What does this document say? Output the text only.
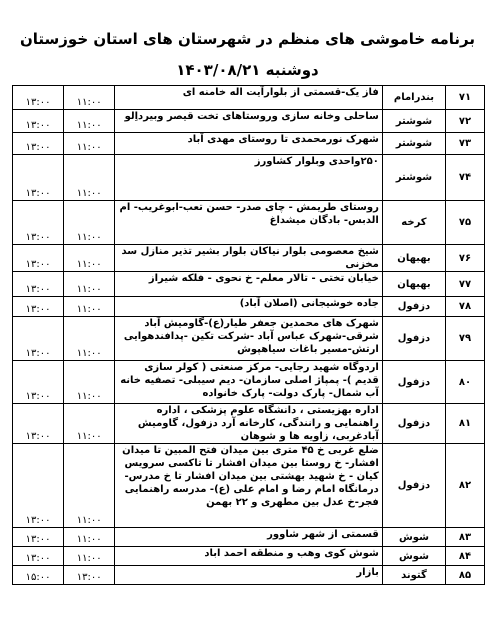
برنامه خاموشی های منظم در شهرستان های استان خوزستان
دوشنبه ۱۴۰۳/۰۸/۲۱
۷۱	بندرامام	فاز یک-قسمتی از بلوارآیت اله خامنه ای	۱۱:۰۰	۱۳:۰۰
۷۲	شوشتر	ساحلی وخانه سازی وروستاهای تخت قیصر وبیرداِلو	۱۱:۰۰	۱۳:۰۰
۷۳	شوشتر	شهرک نورمحمدی تا روستای مهدی آباد	۱۱:۰۰	۱۳:۰۰
۷۴	شوشتر	۲۵۰واحدی وبلوار کشاورز	۱۱:۰۰	۱۳:۰۰
۷۵	کرخه	روستای طریمش - چای صدر- حسن تعب-ابوغریب- ام الدبس- بادگان میشداغ	۱۱:۰۰	۱۳:۰۰
۷۶	بهبهان	شیخ معصومی بلوار نیاکان بلوار بشیر تذیر منازل سد مخزنی	۱۱:۰۰	۱۳:۰۰
۷۷	بهبهان	خیابان تختی - تالار معلم- خ نحوی - فلکه شیراز	۱۱:۰۰	۱۳:۰۰
۷۸	دزفول	جاده خوشیجانی (اصلان آباد)	۱۱:۰۰	۱۳:۰۰
۷۹	دزفول	شهرک های محمدین جعفر طیار(ع)-گاومیش آباد شرقی-شهرک عباس آباد -شرکت تکین -پدافندهوایی ارتش-مسیر باغات سیاهپوش	۱۱:۰۰	۱۳:۰۰
۸۰	دزفول	اردوگاه شهید رجایی- مرکز صنعتی ( کولر سازی قدیم )- پمپاژ اصلی سازمان- دیم سیبلی- تصفیه خانه آب شمال- پارک دولت- پارک خانواده	۱۱:۰۰	۱۳:۰۰
۸۱	دزفول	اداره بهزیستی ، دانشگاه علوم پزشکی ، اداره راهنمایی و رانندگی، کارخانه آرد دزفول، گاومیش آبادغربی، زاویه ها و شوهان	۱۱:۰۰	۱۳:۰۰
۸۲	دزفول	ضلع غربی خ ۴۵ متری بین میدان فتح المبین تا میدان افشار- خ روستا بین میدان افشار تا تاکسی سرویس کیان - خ شهید بهشتی بین میدان افشار تا خ مدرس- درمانگاه امام رضا و امام علی (ع)- مدرسه راهنمایی فجر-خ عدل بین مطهری و ۲۲ بهمن	۱۱:۰۰	۱۳:۰۰
۸۳	شوش	قسمتی از شهر شاوور	۱۱:۰۰	۱۳:۰۰
۸۴	شوش	شوش کوی وهب و منطقه احمد اباد	۱۱:۰۰	۱۳:۰۰
۸۵	گتوند	بازار	۱۳:۰۰	۱۵:۰۰
